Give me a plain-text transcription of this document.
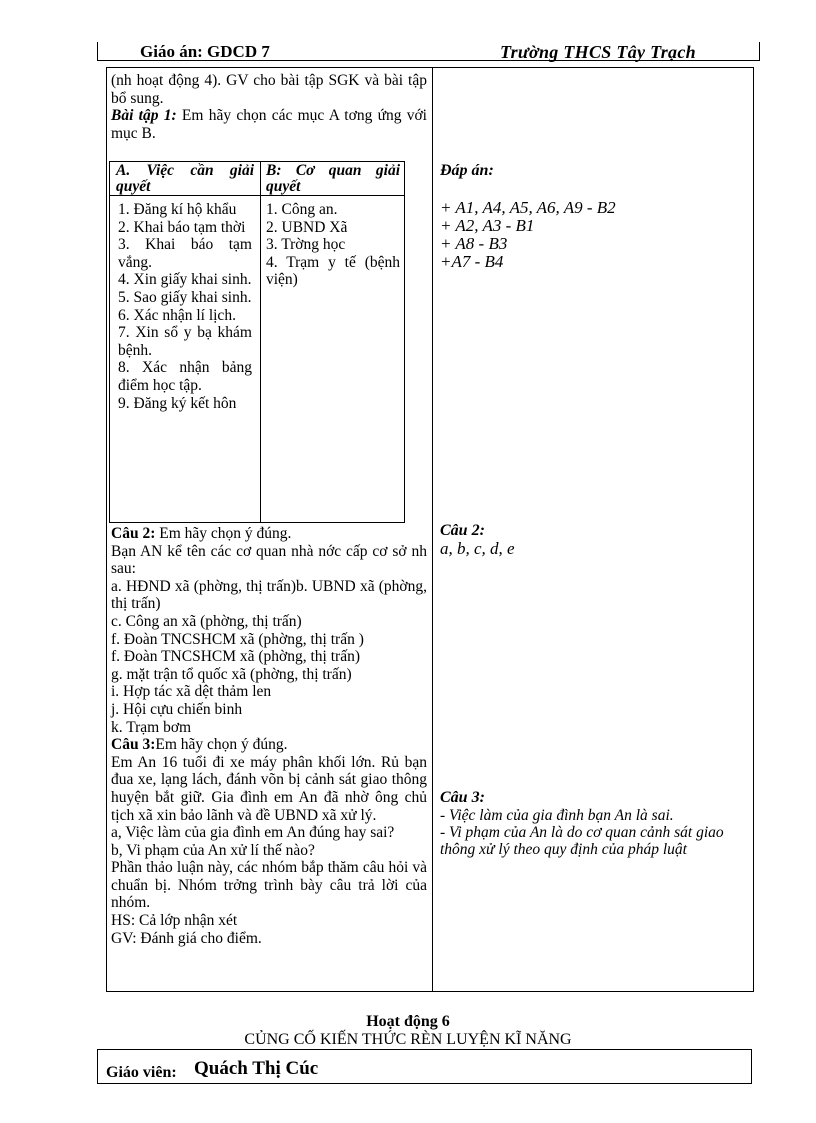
Giáo án: GDCD 7	Trường THCS Tây Trạch
(nh hoạt động 4). GV cho bài tập SGK và bài tập bổ sung.
Bài tập 1: Em hãy chọn các mục A tơng ứng với mục B.
A. Việc cần giải quyết
B: Cơ quan giải quyết
1. Đăng kí hộ khẩu
2. Khai báo tạm thời
3. Khai báo tạm vắng.
4. Xin giấy khai sinh.
5. Sao giấy khai sinh.
6. Xác nhận lí lịch.
7. Xin sổ y bạ khám bệnh.
8. Xác nhận bảng điểm học tập.
9. Đăng ký kết hôn
1. Công an.
2. UBND Xã
3. Trờng học
4. Trạm y tế (bệnh viện)
Đáp án:
+ A1, A4, A5, A6, A9 - B2
+ A2, A3 - B1
+ A8 - B3
+A7 - B4
Câu 2: Em hãy chọn ý đúng.
Bạn AN kể tên các cơ quan nhà nớc cấp cơ sở nh sau:
a. HĐND xã (phờng, thị trấn)b. UBND xã (phờng, thị trấn)
c. Công an xã (phờng, thị trấn)
f. Đoàn TNCSHCM xã (phờng, thị trấn )
f. Đoàn TNCSHCM xã (phờng, thị trấn)
g. mặt trận tổ quốc xã (phờng, thị trấn)
i. Hợp tác xã dệt thảm len
j. Hội cựu chiến binh
k. Trạm bơm
Câu 3:Em hãy chọn ý đúng.
Em An 16 tuổi đi xe máy phân khối lớn. Rủ bạn đua xe, lạng lách, đánh võn bị cảnh sát giao thông huyện bắt giữ. Gia đình em An đã nhờ ông chủ tịch xã xin bảo lãnh và đề UBND xã xử lý.
a, Việc làm của gia đình em An đúng hay sai?
b, Vi phạm của An xử lí thế nào?
Phần thảo luận này, các nhóm bắp thăm câu hỏi và chuẩn bị. Nhóm trởng trình bày câu trả lời của nhóm.
HS: Cả lớp nhận xét
GV: Đánh giá cho điểm.
Câu 2:
a, b, c, d, e
Câu 3:
- Việc làm của gia đình bạn An là sai.
- Vi phạm của An là do cơ quan cảnh sát giao thông xử lý theo quy định của pháp luật
Hoạt động 6
CỦNG CỐ KIẾN THỨC RÈN LUYỆN KĨ NĂNG
Giáo viên: Quách Thị Cúc
